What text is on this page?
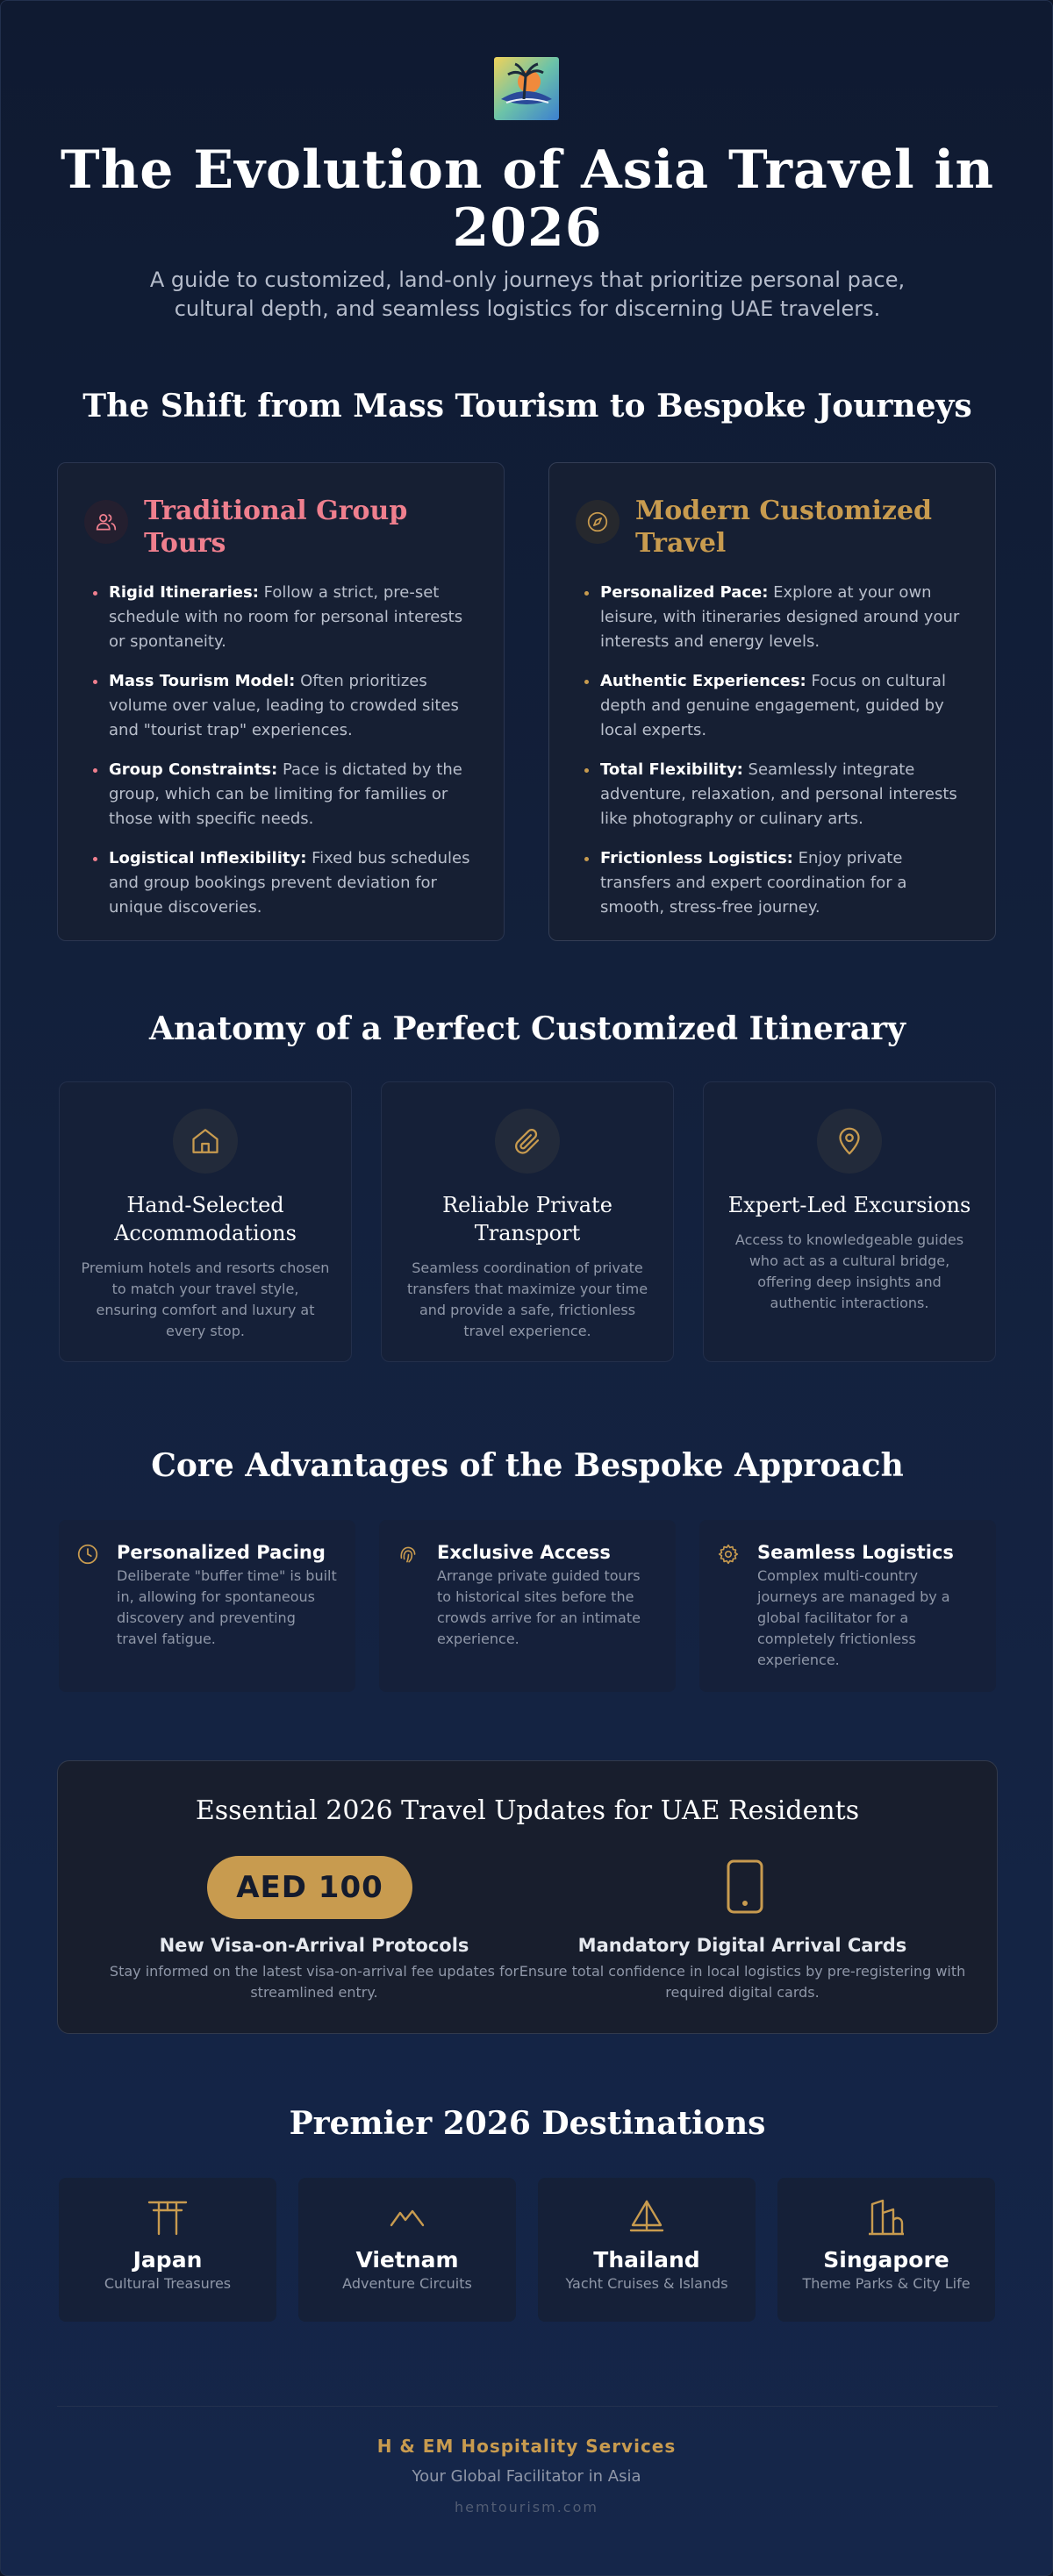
The Evolution of Asia Travel in 2026

A guide to customized, land-only journeys that prioritize personal pace, cultural depth, and seamless logistics for discerning UAE travelers.

The Shift from Mass Tourism to Bespoke Journeys
Traditional Group Tours
Rigid Itineraries: Follow a strict, pre-set schedule with no room for personal interests or spontaneity.
Mass Tourism Model: Often prioritizes volume over value, leading to crowded sites and "tourist trap" experiences.
Group Constraints: Pace is dictated by the group, which can be limiting for families or those with specific needs.
Logistical Inflexibility: Fixed bus schedules and group bookings prevent deviation for unique discoveries.
Modern Customized Travel
Personalized Pace: Explore at your own leisure, with itineraries designed around your interests and energy levels.
Authentic Experiences: Focus on cultural depth and genuine engagement, guided by local experts.
Total Flexibility: Seamlessly integrate adventure, relaxation, and personal interests like photography or culinary arts.
Frictionless Logistics: Enjoy private transfers and expert coordination for a smooth, stress-free journey.
Anatomy of a Perfect Customized Itinerary
Hand-Selected Accommodations
Premium hotels and resorts chosen to match your travel style, ensuring comfort and luxury at every stop.
Reliable Private Transport
Seamless coordination of private transfers that maximize your time and provide a safe, frictionless travel experience.
Expert-Led Excursions
Access to knowledgeable guides who act as a cultural bridge, offering deep insights and authentic interactions.
Core Advantages of the Bespoke Approach
Personalized Pacing
Deliberate "buffer time" is built in, allowing for spontaneous discovery and preventing travel fatigue.
Exclusive Access
Arrange private guided tours to historical sites before the crowds arrive for an intimate experience.
Seamless Logistics
Complex multi-country journeys are managed by a global facilitator for a completely frictionless experience.
Essential 2026 Travel Updates for UAE Residents
AED 100
New Visa-on-Arrival Protocols
Stay informed on the latest visa-on-arrival fee updates for streamlined entry.
Mandatory Digital Arrival Cards
Ensure total confidence in local logistics by pre-registering with required digital cards.
Premier 2026 Destinations
Japan
Cultural Treasures
Vietnam
Adventure Circuits
Thailand
Yacht Cruises & Islands
Singapore
Theme Parks & City Life
H & EM Hospitality Services
Your Global Facilitator in Asia
hemtourism.com
